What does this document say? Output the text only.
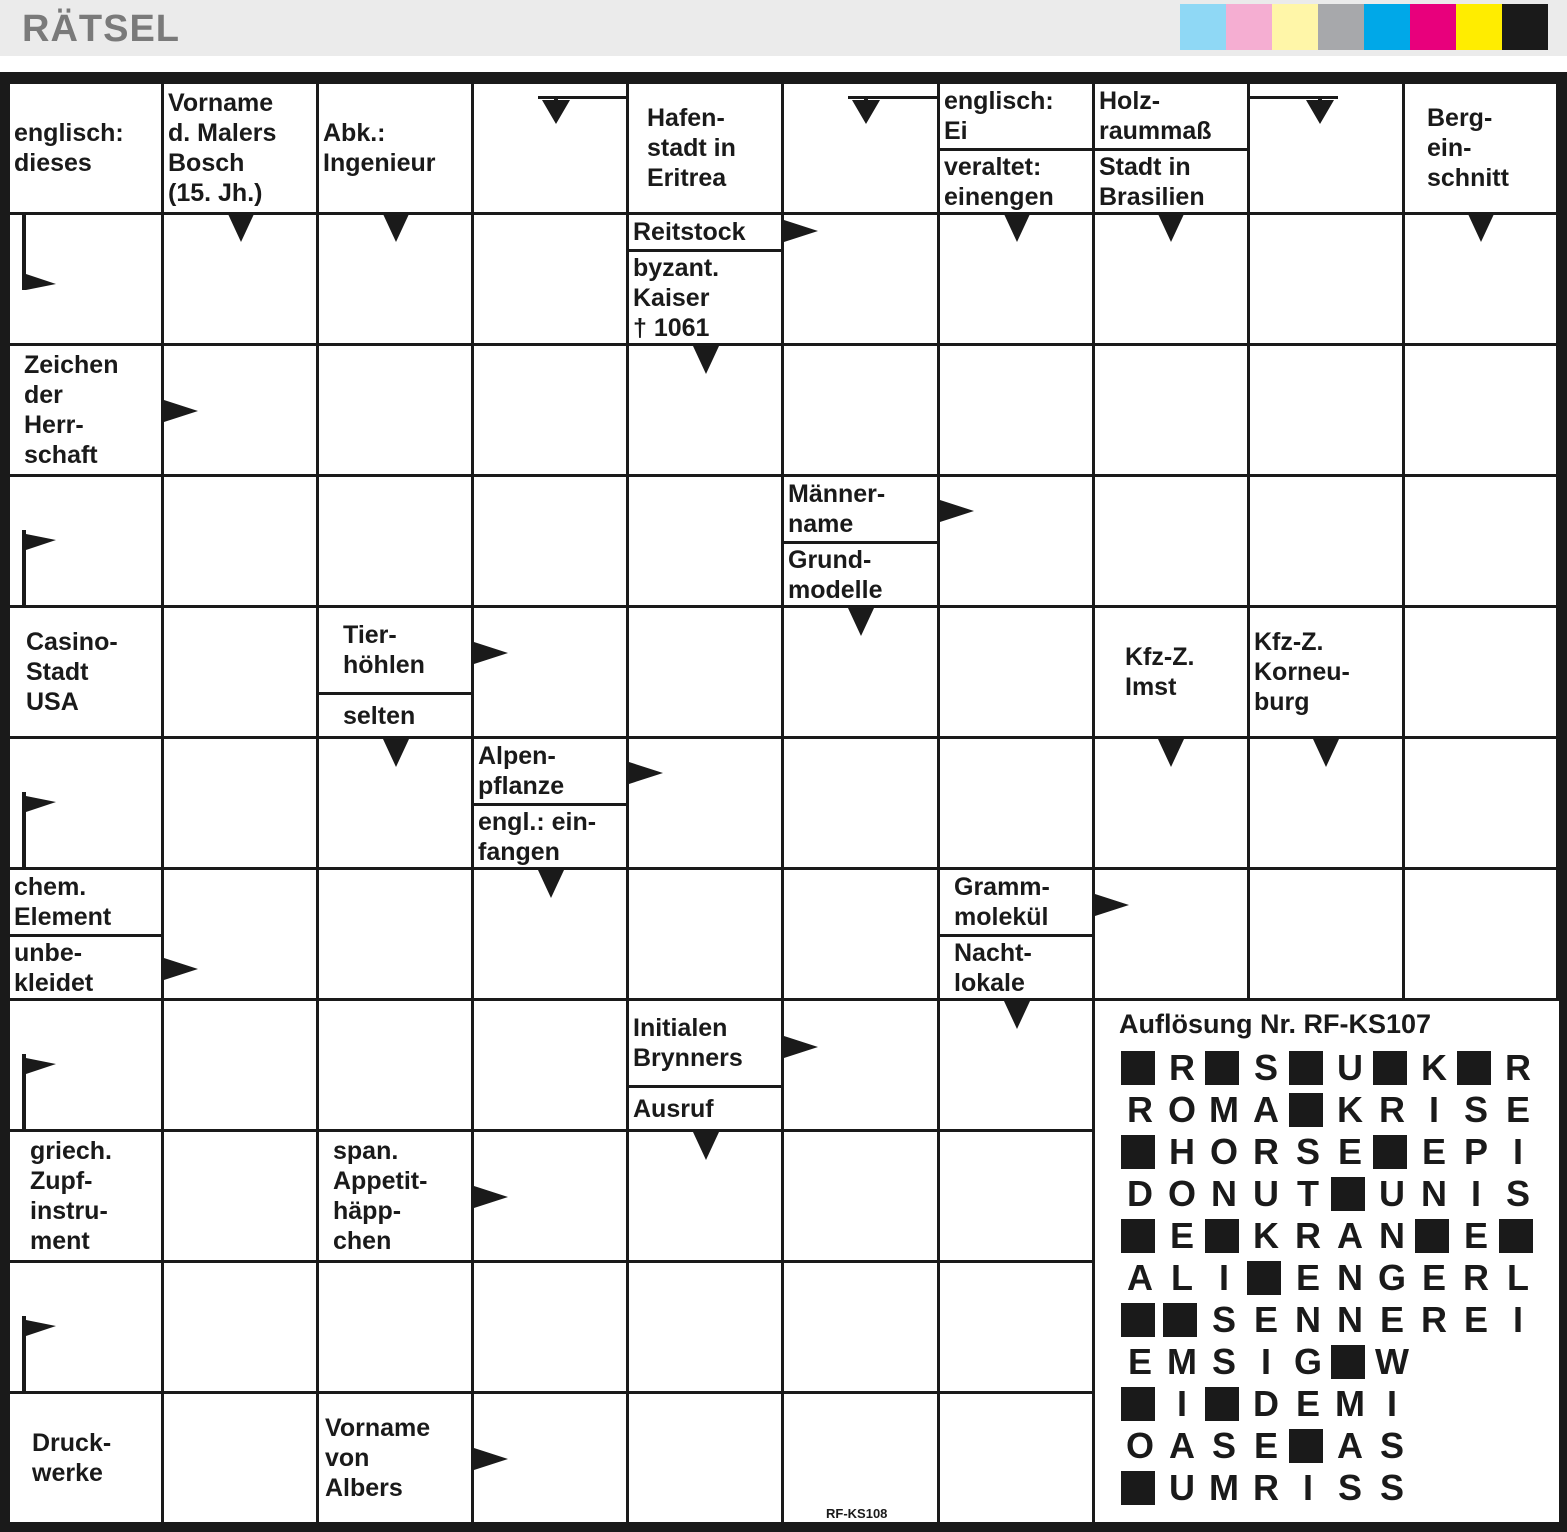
RÄTSEL
englisch:
dieses
Vorname
d. Malers
Bosch
(15. Jh.)
Abk.:
Ingenieur
Hafen-
stadt in
Eritrea
englisch:
Ei
veraltet:
einengen
Holz-
raummaß
Stadt in
Brasilien
Berg-
ein-
schnitt
Reitstock
byzant.
Kaiser
† 1061
Zeichen
der
Herr-
schaft
Männer-
name
Grund-
modelle
Casino-
Stadt
USA
Tier-
höhlen
selten
Kfz-Z.
Imst
Kfz-Z.
Korneu-
burg
Alpen-
pflanze
engl.: ein-
fangen
chem.
Element
unbe-
kleidet
Gramm-
molekül
Nacht-
lokale
Initialen
Brynners
Ausruf
griech.
Zupf-
instru-
ment
span.
Appetit-
häpp-
chen
Druck-
werke
Vorname
von
Albers
Auflösung Nr. RF-KS107
R S U K R
R O M A K R I S E
H O R S E E P I
D O N U T U N I S
E K R A N E
A L I	E N G E R L
S E N N E R E I
E M S I G W
I	D E M I
O A S E A S
U M R I S S
RF-KS108
